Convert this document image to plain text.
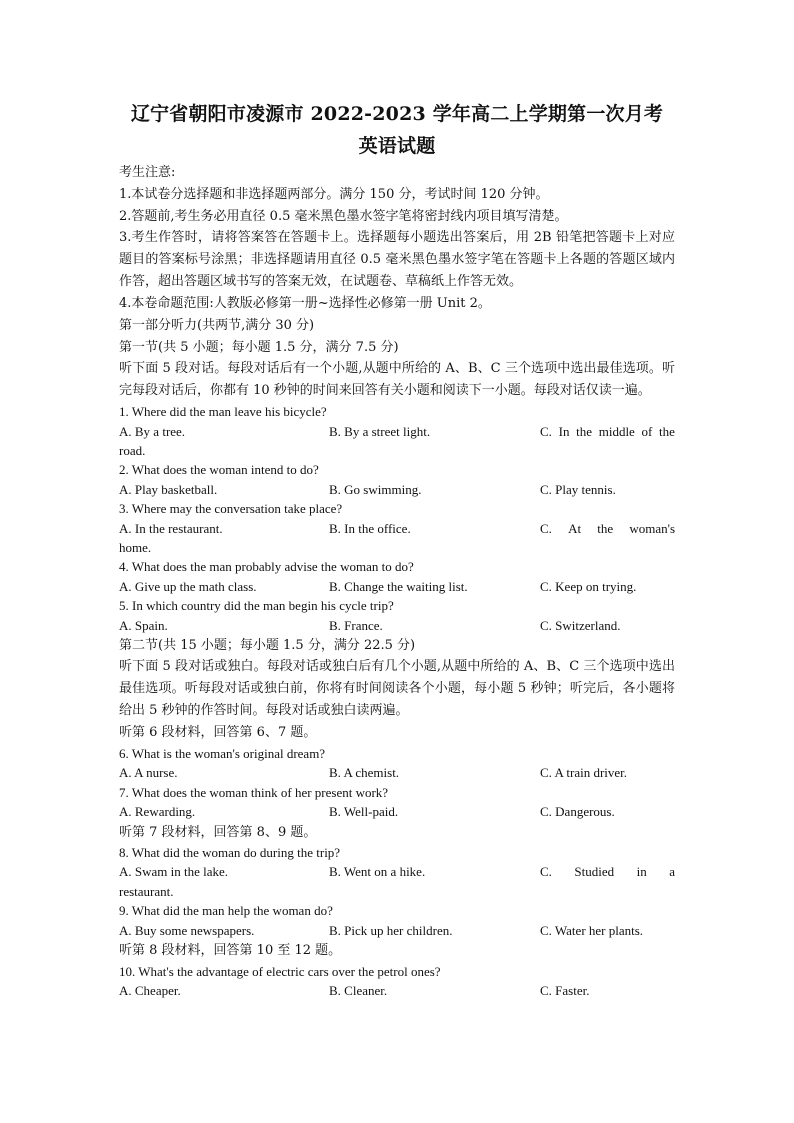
辽宁省朝阳市凌源市 2022-2023 学年高二上学期第一次月考
英语试题
考生注意:
1.本试卷分选择题和非选择题两部分。满分 150 分，考试时间 120 分钟。
2.答题前,考生务必用直径 0.5 毫米黑色墨水签字笔将密封线内项目填写清楚。
3.考生作答时，请将答案答在答题卡上。选择题每小题选出答案后，用 2B 铅笔把答题卡上对应题目的答案标号涂黑；非选择题请用直径 0.5 毫米黑色墨水签字笔在答题卡上各题的答题区域内作答，超出答题区域书写的答案无效，在试题卷、草稿纸上作答无效。
4.本卷命题范围:人教版必修第一册~选择性必修第一册 Unit 2。
第一部分听力(共两节,满分 30 分)
第一节(共 5 小题；每小题 1.5 分，满分 7.5 分)
听下面 5 段对话。每段对话后有一个小题,从题中所给的 A、B、C 三个选项中选出最佳选项。听完每段对话后，你都有 10 秒钟的时间来回答有关小题和阅读下一小题。每段对话仅读一遍。
1. Where did the man leave his bicycle?
A. By a tree.	B. By a street light.	C. In the middle of the
road.
2. What does the woman intend to do?
A. Play basketball.	B. Go swimming.	C. Play tennis.
3. Where may the conversation take place?
A. In the restaurant.	B. In the office.	C. At the woman's
home.
4. What does the man probably advise the woman to do?
A. Give up the math class.	B. Change the waiting list.	C. Keep on trying.
5. In which country did the man begin his cycle trip?
A. Spain.	B. France.	C. Switzerland.
第二节(共 15 小题；每小题 1.5 分，满分 22.5 分)
听下面 5 段对话或独白。每段对话或独白后有几个小题,从题中所给的 A、B、C 三个选项中选出最佳选项。听每段对话或独白前，你将有时间阅读各个小题，每小题 5 秒钟；听完后，各小题将给出 5 秒钟的作答时间。每段对话或独白读两遍。
听第 6 段材料，回答第 6、7 题。
6. What is the woman's original dream?
A. A nurse.	B. A chemist.	C. A train driver.
7. What does the woman think of her present work?
A. Rewarding.	B. Well-paid.	C. Dangerous.
听第 7 段材料，回答第 8、9 题。
8. What did the woman do during the trip?
A. Swam in the lake.	B. Went on a hike.	C. Studied in a
restaurant.
9. What did the man help the woman do?
A. Buy some newspapers.	B. Pick up her children.	C. Water her plants.
听第 8 段材料，回答第 10 至 12 题。
10. What's the advantage of electric cars over the petrol ones?
A. Cheaper.	B. Cleaner.	C. Faster.
